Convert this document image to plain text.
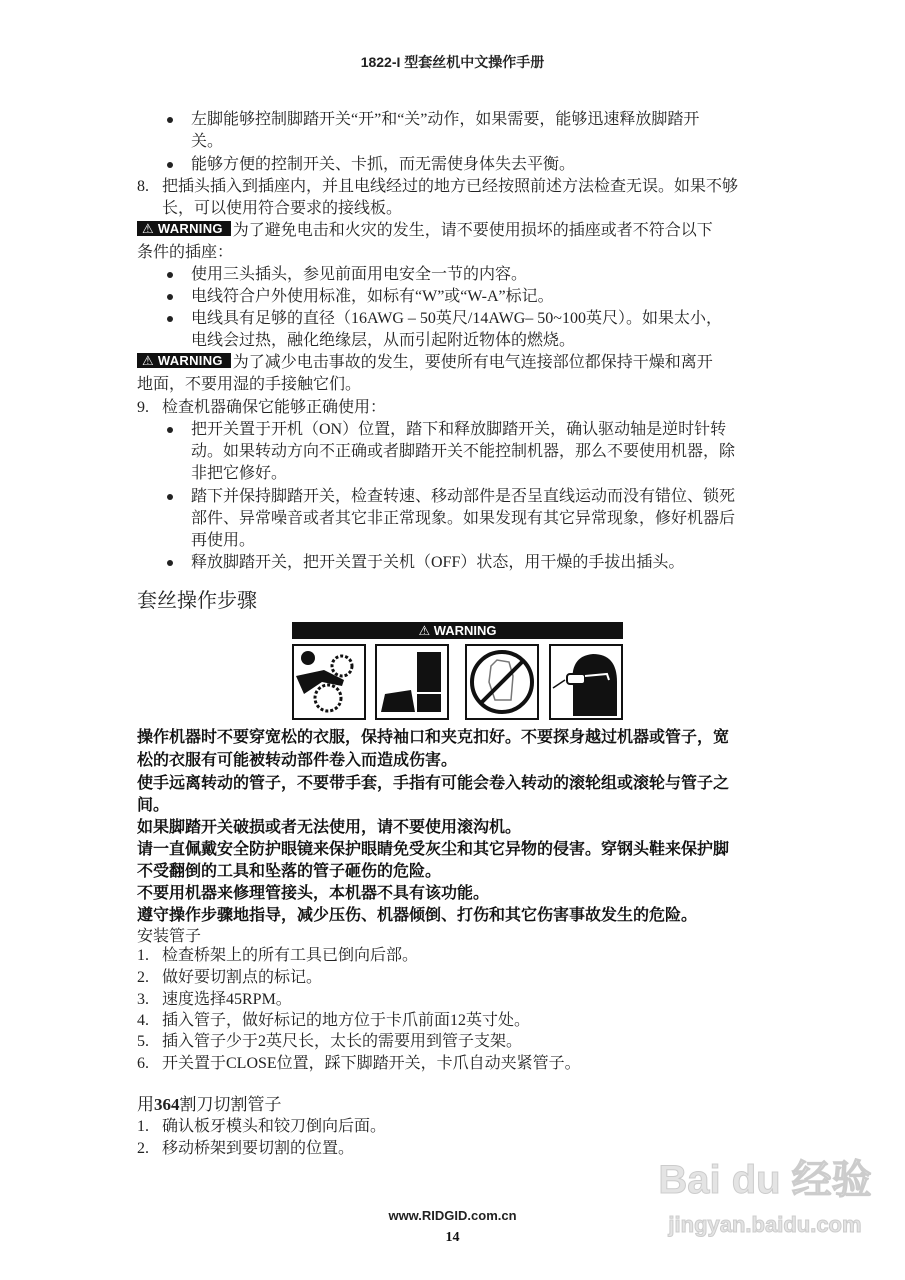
1822-I 型套丝机中文操作手册
左脚能够控制脚踏开关“开”和“关”动作，如果需要，能够迅速释放脚踏开
关。
能够方便的控制开关、卡抓，而无需使身体失去平衡。
8. 把插头插入到插座内，并且电线经过的地方已经按照前述方法检查无误。如果不够
长，可以使用符合要求的接线板。
⚠ WARNING 为了避免电击和火灾的发生，请不要使用损坏的插座或者不符合以下
条件的插座：
使用三头插头，参见前面用电安全一节的内容。
电线符合户外使用标准，如标有“W”或“W-A”标记。
电线具有足够的直径（16AWG – 50英尺/14AWG– 50~100英尺）。如果太小，
电线会过热，融化绝缘层，从而引起附近物体的燃烧。
⚠ WARNING 为了减少电击事故的发生，要使所有电气连接部位都保持干燥和离开
地面，不要用湿的手接触它们。
9. 检查机器确保它能够正确使用：
把开关置于开机（ON）位置，踏下和释放脚踏开关，确认驱动轴是逆时针转
动。如果转动方向不正确或者脚踏开关不能控制机器，那么不要使用机器，除
非把它修好。
踏下并保持脚踏开关，检查转速、移动部件是否呈直线运动而没有错位、锁死
部件、异常噪音或者其它非正常现象。如果发现有其它异常现象，修好机器后
再使用。
释放脚踏开关，把开关置于关机（OFF）状态，用干燥的手拔出插头。
套丝操作步骤
⚠ WARNING
操作机器时不要穿宽松的衣服，保持袖口和夹克扣好。不要探身越过机器或管子，宽
松的衣服有可能被转动部件卷入而造成伤害。
使手远离转动的管子，不要带手套，手指有可能会卷入转动的滚轮组或滚轮与管子之
间。
如果脚踏开关破损或者无法使用，请不要使用滚沟机。
请一直佩戴安全防护眼镜来保护眼睛免受灰尘和其它异物的侵害。穿钢头鞋来保护脚
不受翻倒的工具和坠落的管子砸伤的危险。
不要用机器来修理管接头，本机器不具有该功能。
遵守操作步骤地指导，减少压伤、机器倾倒、打伤和其它伤害事故发生的危险。
安装管子
1. 检查桥架上的所有工具已倒向后部。
2. 做好要切割点的标记。
3. 速度选择45RPM。
4. 插入管子，做好标记的地方位于卡爪前面12英寸处。
5. 插入管子少于2英尺长，太长的需要用到管子支架。
6. 开关置于CLOSE位置，踩下脚踏开关，卡爪自动夹紧管子。
用364割刀切割管子
1. 确认板牙模头和铰刀倒向后面。
2. 移动桥架到要切割的位置。
www.RIDGID.com.cn
14
Bai du 经验
jingyan.baidu.com
